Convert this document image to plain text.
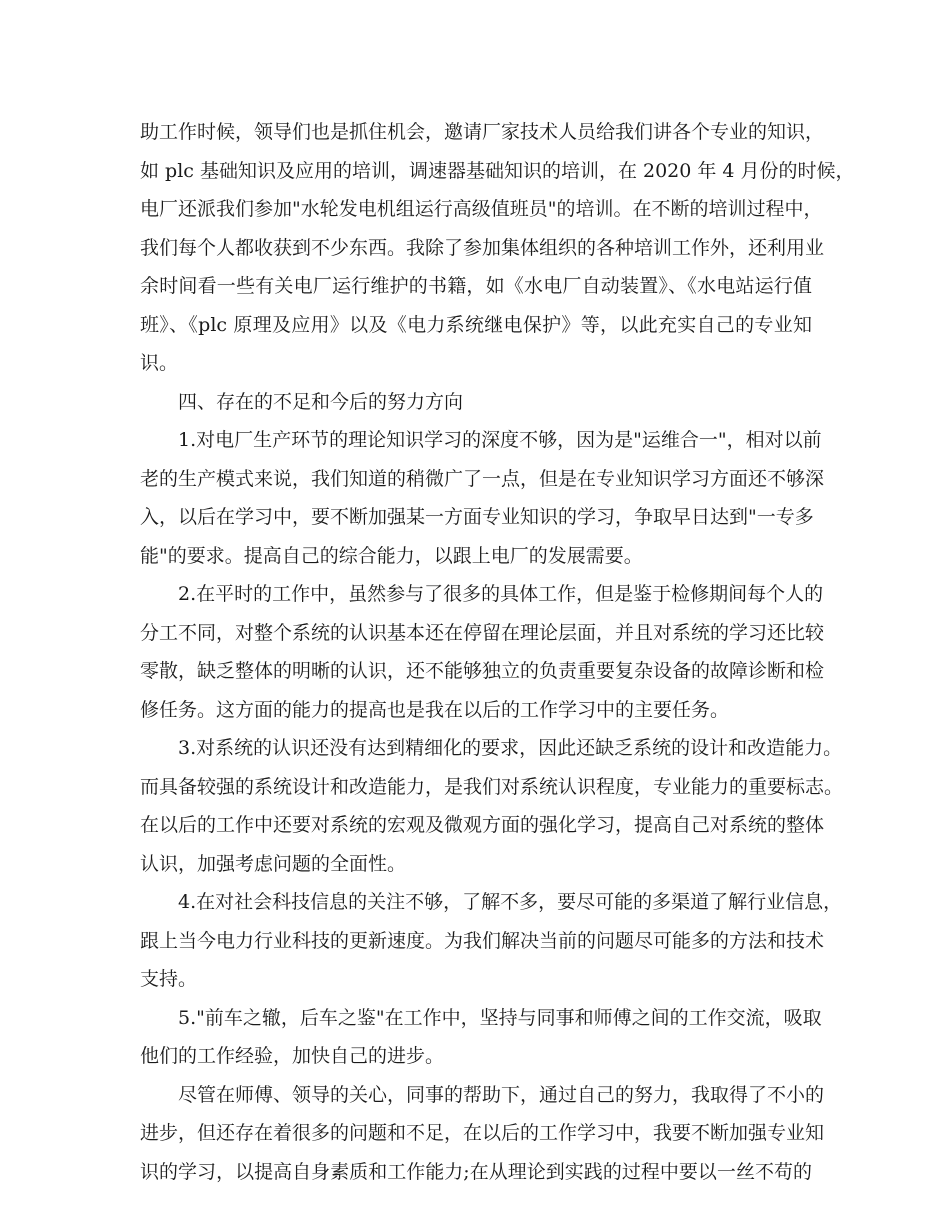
助工作时候，领导们也是抓住机会，邀请厂家技术人员给我们讲各个专业的知识，
如 plc 基础知识及应用的培训，调速器基础知识的培训，在 2020 年 4 月份的时候，
电厂还派我们参加"水轮发电机组运行高级值班员"的培训。在不断的培训过程中，
我们每个人都收获到不少东西。我除了参加集体组织的各种培训工作外，还利用业
余时间看一些有关电厂运行维护的书籍，如《水电厂自动装置》、《水电站运行值
班》、《plc 原理及应用》以及《电力系统继电保护》等，以此充实自己的专业知
识。
四、存在的不足和今后的努力方向
1.对电厂生产环节的理论知识学习的深度不够，因为是"运维合一"，相对以前
老的生产模式来说，我们知道的稍微广了一点，但是在专业知识学习方面还不够深
入，以后在学习中，要不断加强某一方面专业知识的学习，争取早日达到"一专多
能"的要求。提高自己的综合能力，以跟上电厂的发展需要。
2.在平时的工作中，虽然参与了很多的具体工作，但是鉴于检修期间每个人的
分工不同，对整个系统的认识基本还在停留在理论层面，并且对系统的学习还比较
零散，缺乏整体的明晰的认识，还不能够独立的负责重要复杂设备的故障诊断和检
修任务。这方面的能力的提高也是我在以后的工作学习中的主要任务。
3.对系统的认识还没有达到精细化的要求，因此还缺乏系统的设计和改造能力。
而具备较强的系统设计和改造能力，是我们对系统认识程度，专业能力的重要标志。
在以后的工作中还要对系统的宏观及微观方面的强化学习，提高自己对系统的整体
认识，加强考虑问题的全面性。
4.在对社会科技信息的关注不够，了解不多，要尽可能的多渠道了解行业信息，
跟上当今电力行业科技的更新速度。为我们解决当前的问题尽可能多的方法和技术
支持。
5."前车之辙，后车之鉴"在工作中，坚持与同事和师傅之间的工作交流，吸取
他们的工作经验，加快自己的进步。
尽管在师傅、领导的关心，同事的帮助下，通过自己的努力，我取得了不小的
进步，但还存在着很多的问题和不足，在以后的工作学习中，我要不断加强专业知
识的学习，以提高自身素质和工作能力;在从理论到实践的过程中要以一丝不苟的
